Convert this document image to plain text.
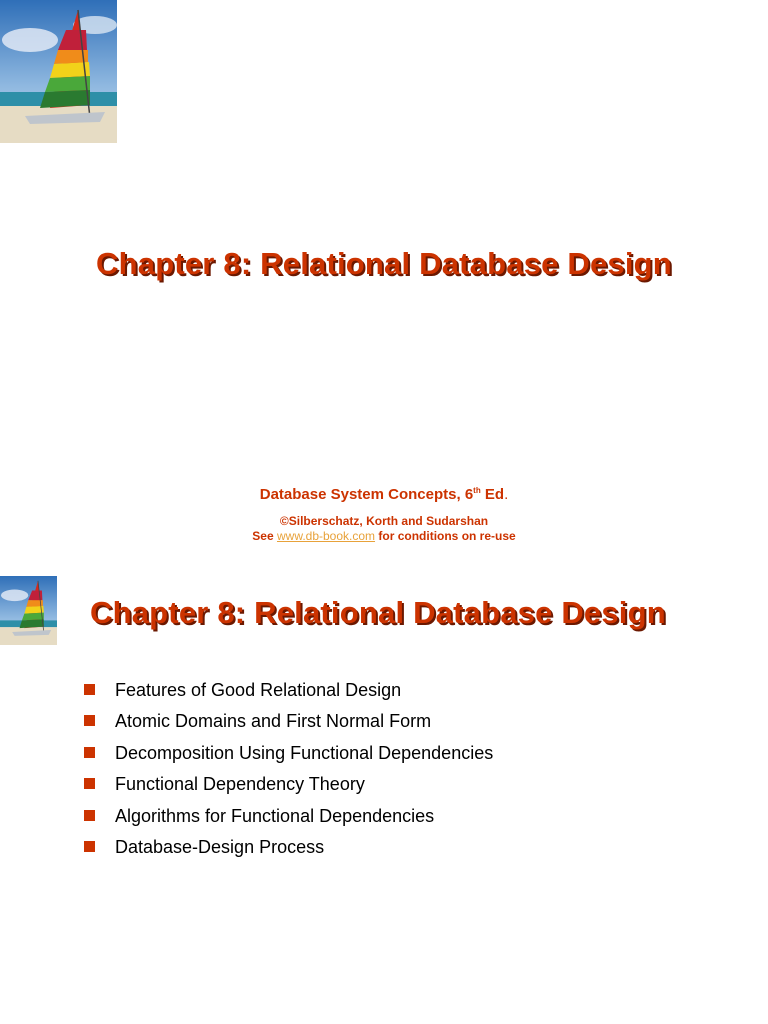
Chapter 8: Relational Database Design
Database System Concepts, 6th Ed.
©Silberschatz, Korth and Sudarshan
See www.db-book.com for conditions on re-use
Chapter 8: Relational Database Design
Features of Good Relational Design
Atomic Domains and First Normal Form
Decomposition Using Functional Dependencies
Functional Dependency Theory
Algorithms for Functional Dependencies
Database-Design Process
